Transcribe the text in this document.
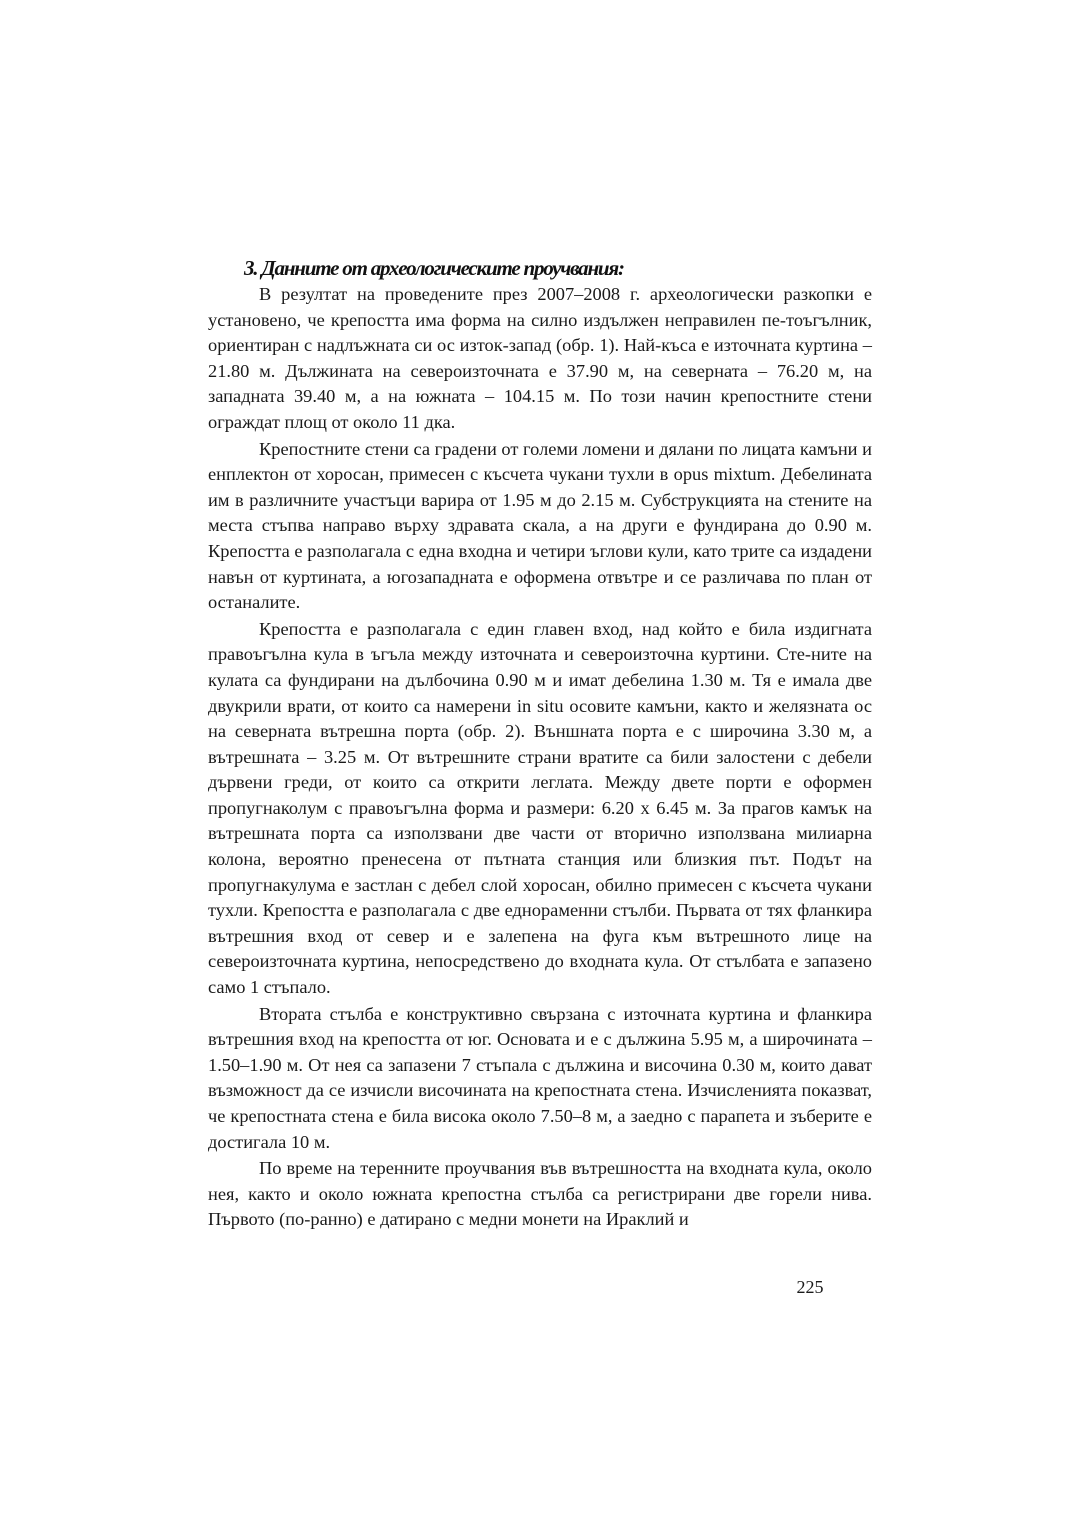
3. Данните от археологическите проучвания:

В резултат на проведените през 2007–2008 г. археологически разкопки е установено, че крепостта има форма на силно издължен неправилен пе-тоъгълник, ориентиран с надлъжната си ос изток-запад (обр. 1). Най-къса е източната куртина – 21.80 м. Дължината на североизточната е 37.90 м, на северната – 76.20 м, на западната 39.40 м, а на южната – 104.15 м. По този начин крепостните стени ограждат площ от около 11 дка.

Крепостните стени са градени от големи ломени и дялани по лицата камъни и енплектон от хоросан, примесен с късчета чукани тухли в opus mixtum. Дебелината им в различните участъци варира от 1.95 м до 2.15 м. Субструкцията на стените на места стъпва направо върху здравата скала, а на други е фундирана до 0.90 м. Крепостта е разполагала с една входна и четири ъглови кули, като трите са издадени навън от куртината, а югозападната е оформена отвътре и се различава по план от останалите.

Крепостта е разполагала с един главен вход, над който е била издигната правоъгълна кула в ъгъла между източната и североизточна куртини. Сте-ните на кулата са фундирани на дълбочина 0.90 м и имат дебелина 1.30 м. Тя е имала две двукрили врати, от които са намерени in situ осовите камъни, както и желязната ос на северната вътрешна порта (обр. 2). Външната порта е с широчина 3.30 м, а вътрешната – 3.25 м. От вътрешните страни вратите са били залостени с дебели дървени греди, от които са открити леглата. Между двете порти е оформен пропугнаколум с правоъгълна форма и размери: 6.20 х 6.45 м. За прагов камък на вътрешната порта са използвани две части от вторично използвана милиарна колона, вероятно пренесена от пътната станция или близкия път. Подът на пропугнакулума е застлан с дебел слой хоросан, обилно примесен с късчета чукани тухли. Крепостта е разполагала с две еднораменни стълби. Първата от тях фланкира вътрешния вход от север и е залепена на фуга към вътрешното лице на североизточната куртина, непосредствено до входната кула. От стълбата е запазено само 1 стъпало.

Втората стълба е конструктивно свързана с източната куртина и фланкира вътрешния вход на крепостта от юг. Основата и е с дължина 5.95 м, а широчината – 1.50–1.90 м. От нея са запазени 7 стъпала с дължина и височина 0.30 м, които дават възможност да се изчисли височината на крепостната стена. Изчисленията показват, че крепостната стена е била висока около 7.50–8 м, а заедно с парапета и зъберите е достигала 10 м.

По време на теренните проучвания във вътрешността на входната кула, около нея, както и около южната крепостна стълба са регистрирани две горели нива. Първото (по-ранно) е датирано с медни монети на Ираклий и

225
